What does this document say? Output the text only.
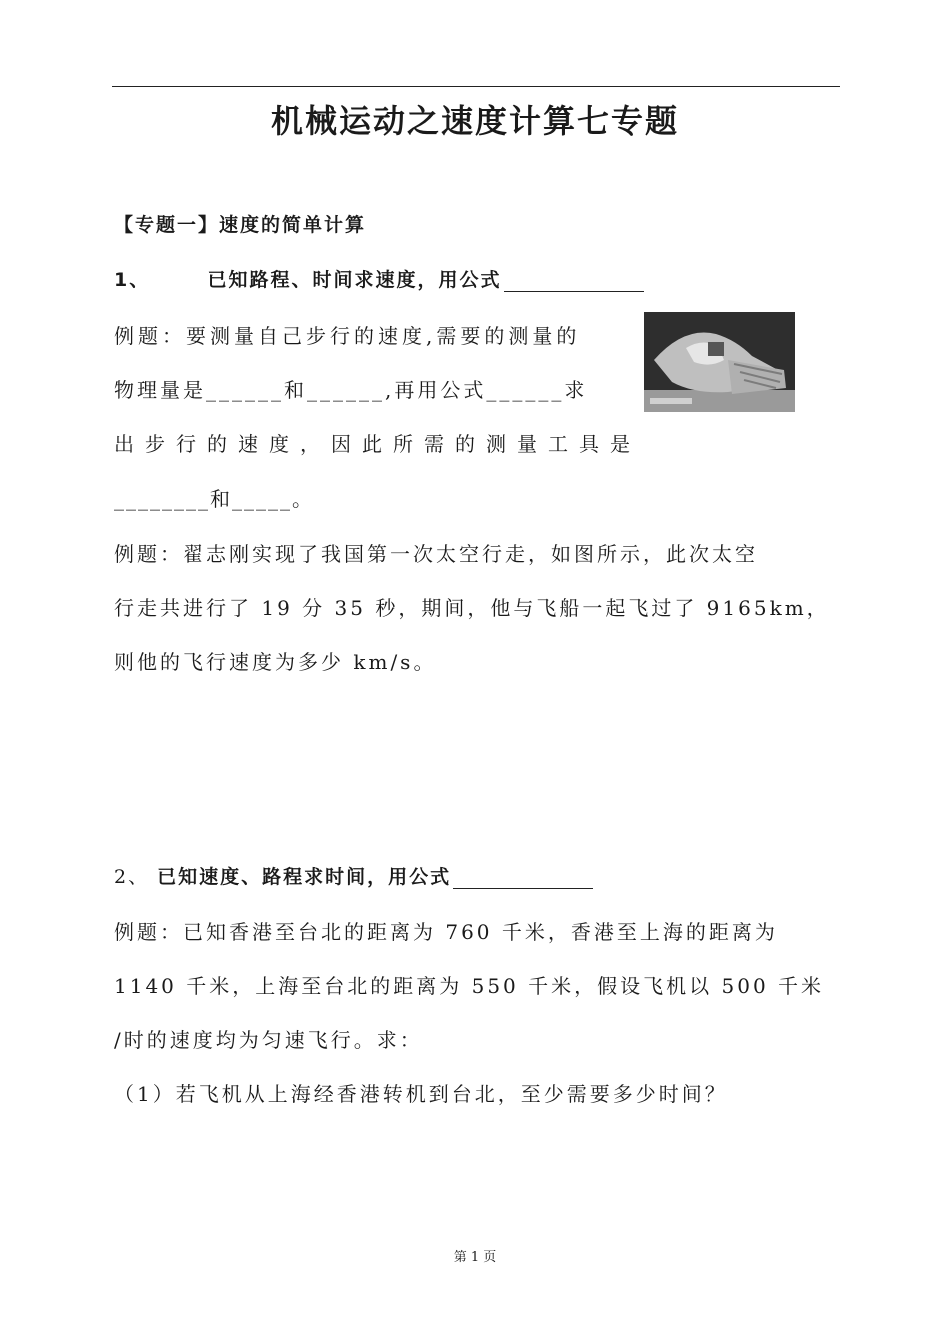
机械运动之速度计算七专题
【专题一】速度的简单计算
1、	已知路程、时间求速度，用公式
例题：要测量自己步行的速度,需要的测量的
物理量是______和______,再用公式______求
出步行的速度，因此所需的测量工具是
________和_____。
例题：翟志刚实现了我国第一次太空行走，如图所示，此次太空
行走共进行了 19 分 35 秒，期间，他与飞船一起飞过了 9165km，
则他的飞行速度为多少 km/s。
2、 已知速度、路程求时间，用公式
例题：已知香港至台北的距离为 760 千米，香港至上海的距离为
1140 千米，上海至台北的距离为 550 千米，假设飞机以 500 千米
/时的速度均为匀速飞行。求：
（1）若飞机从上海经香港转机到台北，至少需要多少时间？
第 1 页
